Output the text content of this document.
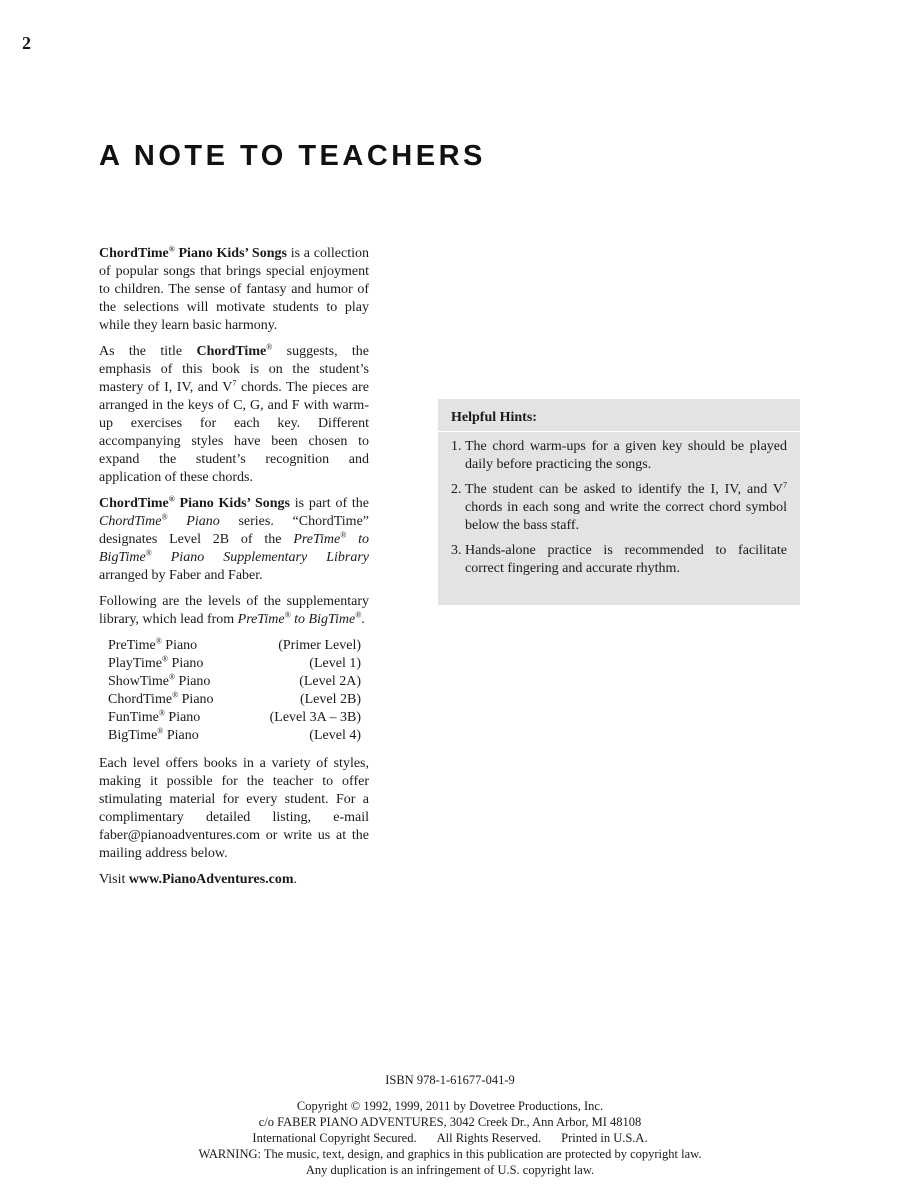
2
A NOTE TO TEACHERS

ChordTime® Piano Kids’ Songs is a collection of popular songs that brings special enjoyment to children. The sense of fantasy and humor of the selections will motivate students to play while they learn basic harmony.

As the title ChordTime® suggests, the emphasis of this book is on the student’s mastery of I, IV, and $V^7$ chords. The pieces are arranged in the keys of C, G, and F with warm-up exercises for each key. Different accompanying styles have been chosen to expand the student’s recognition and application of these chords.

ChordTime® Piano Kids’ Songs is part of the ChordTime® Piano series. “ChordTime” designates Level 2B of the PreTime® to BigTime® Piano Supplementary Library arranged by Faber and Faber.

Following are the levels of the supplementary library, which lead from PreTime® to BigTime®.

PreTime® Piano	(Primer Level)
PlayTime® Piano	(Level 1)
ShowTime® Piano	(Level 2A)
ChordTime® Piano	(Level 2B)
FunTime® Piano	(Level 3A – 3B)
BigTime® Piano	(Level 4)

Each level offers books in a variety of styles, making it possible for the teacher to offer stimulating material for every student. For a complimentary detailed listing, e-mail faber@pianoadventures.com or write us at the mailing address below.

Visit www.PianoAdventures.com.

Helpful Hints:
1. The chord warm-ups for a given key should be played daily before practicing the songs.
2. The student can be asked to identify the I, IV, and $V^7$ chords in each song and write the correct chord symbol below the bass staff.
3. Hands-alone practice is recommended to facilitate correct fingering and accurate rhythm.
ISBN 978-1-61677-041-9
Copyright © 1992, 1999, 2011 by Dovetree Productions, Inc.
c/o FABER PIANO ADVENTURES, 3042 Creek Dr., Ann Arbor, MI 48108
International Copyright Secured. All Rights Reserved. Printed in U.S.A.
WARNING: The music, text, design, and graphics in this publication are protected by copyright law.
Any duplication is an infringement of U.S. copyright law.
